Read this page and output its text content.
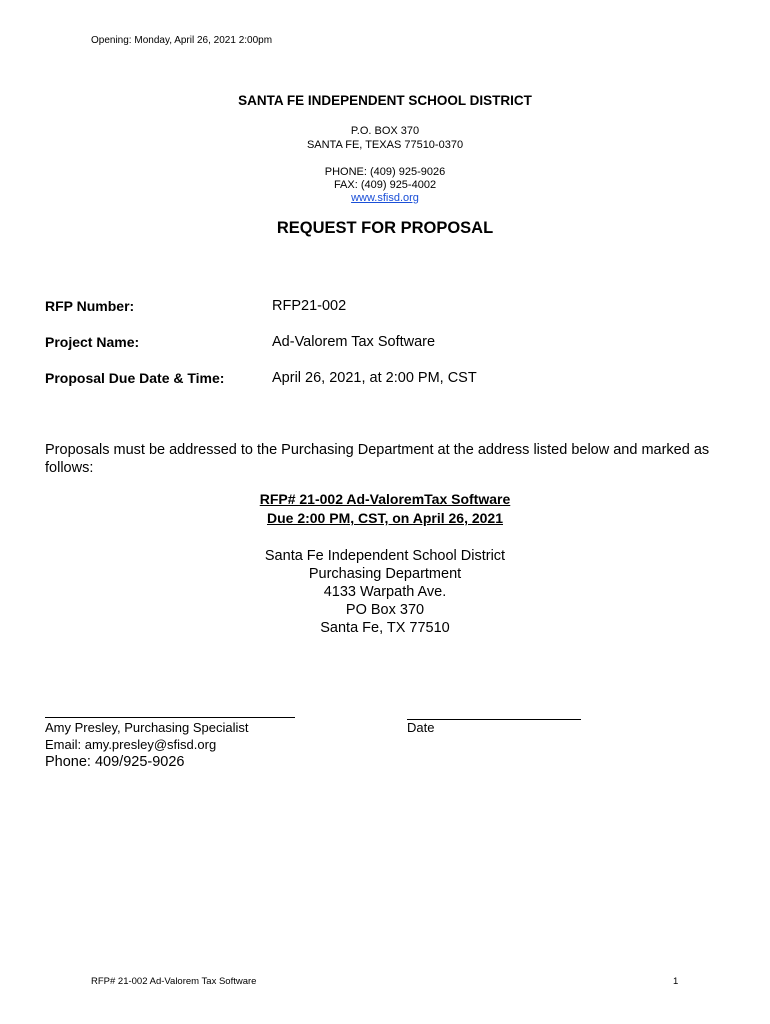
Opening: Monday, April 26, 2021 2:00pm
SANTA FE INDEPENDENT SCHOOL DISTRICT
P.O. BOX 370
SANTA FE, TEXAS 77510-0370
PHONE: (409) 925-9026
FAX: (409) 925-4002
www.sfisd.org
REQUEST FOR PROPOSAL
RFP Number:	RFP21-002
Project Name:	Ad-Valorem Tax Software
Proposal Due Date & Time:	April 26, 2021, at 2:00 PM, CST
Proposals must be addressed to the Purchasing Department at the address listed below and marked as follows:
RFP# 21-002 Ad-ValoremTax Software
Due 2:00 PM, CST, on April 26, 2021
Santa Fe Independent School District
Purchasing Department
4133 Warpath Ave.
PO Box 370
Santa Fe, TX 77510
Amy Presley, Purchasing Specialist
Email: amy.presley@sfisd.org
Phone: 409/925-9026
Date
RFP# 21-002 Ad-Valorem Tax Software	1
